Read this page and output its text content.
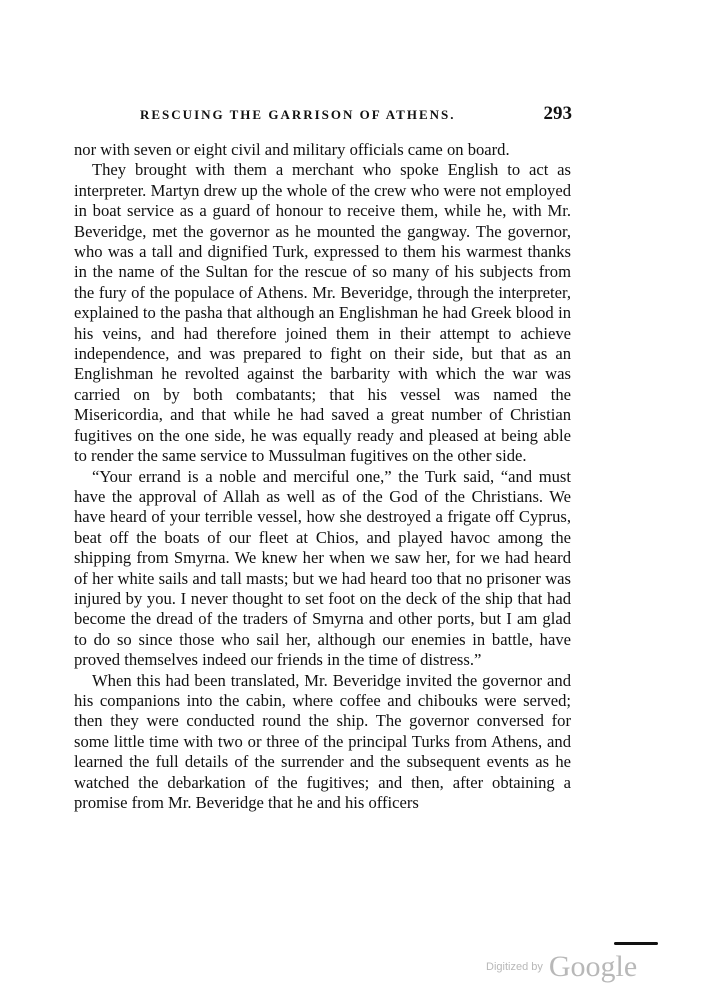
RESCUING THE GARRISON OF ATHENS.	293

nor with seven or eight civil and military officials came on board.

They brought with them a merchant who spoke English to act as interpreter. Martyn drew up the whole of the crew who were not employed in boat service as a guard of honour to receive them, while he, with Mr. Beveridge, met the governor as he mounted the gangway. The governor, who was a tall and dignified Turk, expressed to them his warmest thanks in the name of the Sultan for the rescue of so many of his subjects from the fury of the populace of Athens. Mr. Beveridge, through the interpreter, explained to the pasha that although an Englishman he had Greek blood in his veins, and had therefore joined them in their attempt to achieve independence, and was prepared to fight on their side, but that as an Englishman he revolted against the barbarity with which the war was carried on by both combatants; that his vessel was named the Misericordia, and that while he had saved a great number of Christian fugitives on the one side, he was equally ready and pleased at being able to render the same service to Mussulman fugitives on the other side.

“Your errand is a noble and merciful one,” the Turk said, “and must have the approval of Allah as well as of the God of the Christians. We have heard of your terrible vessel, how she destroyed a frigate off Cyprus, beat off the boats of our fleet at Chios, and played havoc among the shipping from Smyrna. We knew her when we saw her, for we had heard of her white sails and tall masts; but we had heard too that no prisoner was injured by you. I never thought to set foot on the deck of the ship that had become the dread of the traders of Smyrna and other ports, but I am glad to do so since those who sail her, although our enemies in battle, have proved themselves indeed our friends in the time of distress.”

When this had been translated, Mr. Beveridge invited the governor and his companions into the cabin, where coffee and chibouks were served; then they were conducted round the ship. The governor conversed for some little time with two or three of the principal Turks from Athens, and learned the full details of the surrender and the subsequent events as he watched the debarkation of the fugitives; and then, after obtaining a promise from Mr. Beveridge that he and his officers

Digitized by Google
